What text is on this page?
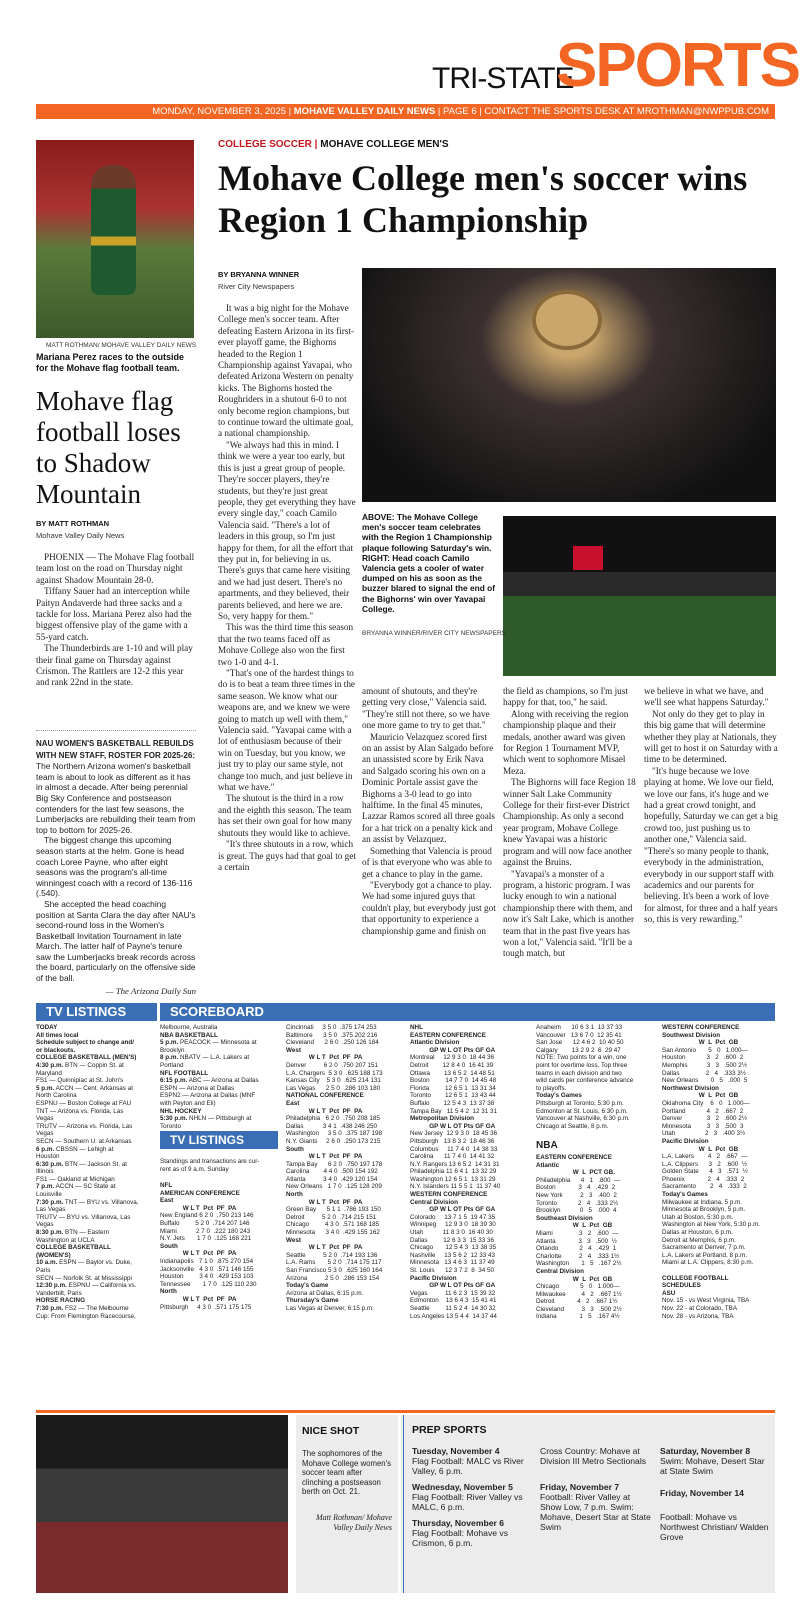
TRI-STATE
SPORTS
MONDAY, NOVEMBER 3, 2025 | MOHAVE VALLEY DAILY NEWS | PAGE 6 | CONTACT THE SPORTS DESK AT MROTHMAN@NWPPUB.COM
MATT ROTHMAN/ MOHAVE VALLEY DAILY NEWS
Mariana Perez races to the outside for the Mohave flag football team.
Mohave flag football loses to Shadow Mountain
BY MATT ROTHMAN
Mohave Valley Daily News

PHOENIX — The Mohave Flag football team lost on the road on Thursday night against Shadow Mountain 28-0.

Tiffany Sauer had an interception while Paityn Andaverde had three sacks and a tackle for loss. Mariana Perez also had the biggest offensive play of the game with a 55-yard catch.

The Thunderbirds are 1-10 and will play their final game on Thursday against Crismon. The Rattlers are 12-2 this year and rank 22nd in the state.

NAU WOMEN'S BASKETBALL REBUILDS WITH NEW STAFF, ROSTER FOR 2025-26: The Northern Arizona women's basketball team is about to look as different as it has in almost a decade. After being perennial Big Sky Conference and postseason contenders for the last few seasons, the Lumberjacks are rebuilding their team from top to bottom for 2025-26.

The biggest change this upcoming season starts at the helm. Gone is head coach Loree Payne, who after eight seasons was the program's all-time winningest coach with a record of 136-116 (.540).

She accepted the head coaching position at Santa Clara the day after NAU's second-round loss in the Women's Basketball Invitation Tournament in late March. The latter half of Payne's tenure saw the Lumberjacks break records across the board, particularly on the offensive side of the ball.

— The Arizona Daily Sun

COLLEGE SOCCER | MOHAVE COLLEGE MEN'S
Mohave College men's soccer wins Region 1 Championship
BY BRYANNA WINNER
River City Newspapers
ABOVE: The Mohave College men's soccer team celebrates with the Region 1 Championship plaque following Saturday's win. RIGHT: Head coach Camilo Valencia gets a cooler of water dumped on his as soon as the buzzer blared to signal the end of the Bighorns' win over Yavapai College.
BRYANNA WINNER/RIVER CITY NEWSPAPERS

It was a big night for the Mohave College men's soccer team. After defeating Eastern Arizona in its first-ever playoff game, the Bighorns headed to the Region 1 Championship against Yavapai, who defeated Arizona Western on penalty kicks. The Bighorns hosted the Roughriders in a shutout 6-0 to not only become region champions, but to continue toward the ultimate goal, a national championship.

"We always had this in mind. I think we were a year too early, but this is just a great group of people. They're soccer players, they're students, but they're just great people, they get everything they have every single day," coach Camilo Valencia said. "There's a lot of leaders in this group, so I'm just happy for them, for all the effort that they put in, for believing in us. There's guys that came here visiting and we had just desert. There's no apartments, and they believed, their parents believed, and here we are. So, very happy for them."

This was the third time this season that the two teams faced off as Mohave College also won the first two 1-0 and 4-1.

"That's one of the hardest things to do is to beat a team three times in the same season. We know what our weapons are, and we knew we were going to match up well with them," Valencia said. "Yavapai came with a lot of enthusiasm because of their win on Tuesday, but you know, we just try to play our same style, not change too much, and just believe in what we have."

The shutout is the third in a row and the eighth this season. The team has set their own goal for how many shutouts they would like to achieve.

"It's three shutouts in a row, which is great. The guys had that goal to get a certain

amount of shutouts, and they're getting very close," Valencia said. "They're still not there, so we have one more game to try to get that."

Mauricio Velazquez scored first on an assist by Alan Salgado before an unassisted score by Erik Nava and Salgado scoring his own on a Dominic Portale assist gave the Bighorns a 3-0 lead to go into halftime. In the final 45 minutes, Lazzar Ramos scored all three goals for a hat trick on a penalty kick and an assist by Velazquez.

Something that Valencia is proud of is that everyone who was able to get a chance to play in the game.

"Everybody got a chance to play. We had some injured guys that couldn't play, but everybody just got that opportunity to experience a championship game and finish on

the field as champions, so I'm just happy for that, too," he said.

Along with receiving the region championship plaque and their medals, another award was given for Region 1 Tournament MVP, which went to sophomore Misael Meza.

The Bighorns will face Region 18 winner Salt Lake Community College for their first-ever District Championship. As only a second year program, Mohave College knew Yavapai was a historic program and will now face another against the Bruins.

"Yavapai's a monster of a program, a historic program. I was lucky enough to win a national championship there with them, and now it's Salt Lake, which is another team that in the past five years has won a lot," Valencia said. "It'll be a tough match, but

we believe in what we have, and we'll see what happens Saturday."

Not only do they get to play in this big game that will determine whether they play at Nationals, they will get to host it on Saturday with a time to be determined.

"It's huge because we love playing at home. We love our field, we love our fans, it's huge and we had a great crowd tonight, and hopefully, Saturday we can get a big crowd too, just pushing us to another one," Valencia said. "There's so many people to thank, everybody in the administration, everybody in our support staff with academics and our parents for believing. It's been a work of love for almost, for three and a half years so, this is very rewarding."

TV LISTINGS	SCOREBOARD
TODAY
All times local
Schedule subject to change and/
or blackouts.
COLLEGE BASKETBALL (MEN'S)
4:30 p.m. BTN — Coppin St. at
Maryland
FS1 — Quinnipiac at St. John's
5 p.m. ACCN — Cent. Arkansas at
North Carolina
ESPNU — Boston College at FAU
TNT — Arizona vs. Florida, Las
Vegas
TRUTV — Arizona vs. Florida, Las
Vegas
SECN — Southern U. at Arkansas
6 p.m. CBSSN — Lehigh at
Houston
6:30 p.m. BTN — Jackson St. at
Illinois
FS1 — Oakland at Michigan
7 p.m. ACCN — SC State at
Louisville
7:30 p.m. TNT — BYU vs. Villanova,
Las Vegas
TRUTV — BYU vs. Villanova, Las
Vegas
8:30 p.m. BTN — Eastern
Washington at UCLA
COLLEGE BASKETBALL
(WOMEN'S)
10 a.m. ESPN — Baylor vs. Duke,
Paris
SECN — Norfolk St. at Mississippi
12:30 p.m. ESPNU — California vs.
Vanderbilt, Paris
HORSE RACING
7:30 p.m. FS2 — The Melbourne
Cup: From Flemington Racecourse,
Melbourne, Australia
NBA BASKETBALL
5 p.m. PEACOCK — Minnesota at
Brooklyn
8 p.m. NBATV — L.A. Lakers at
Portland
NFL FOOTBALL
6:15 p.m. ABC — Arizona at Dallas
ESPN — Arizona at Dallas
ESPN2 — Arizona at Dallas (MNF
with Peyton and Eli)
NHL HOCKEY
5:30 p.m. NHLN — Pittsburgh at
Toronto
TV LISTINGS
Standings and transactions are cur-
rent as of 9 a.m. Sunday
NFL
AMERICAN CONFERENCE
East
W L T  Pct  PF  PA
New England 6 2 0  .750 213 146
Buffalo         5 2 0  .714 207 146
Miami           2 7 0  .222 180 243
N.Y. Jets       1 7 0  .125 168 221
South
W L T  Pct  PF  PA
Indianapolis   7 1 0  .875 270 154
Jacksonville   4 3 0  .571 146 155
Houston         3 4 0  .429 153 103
Tennessee       1 7 0  .125 110 230
North
W L T  Pct  PF  PA
Pittsburgh     4 3 0  .571 175 175
Cincinnati     3 5 0  .375 174 253
Baltimore      3 5 0  .375 202 216
Cleveland      2 6 0  .250 126 184
West
W L T  Pct  PF  PA
Denver          6 2 0  .750 207 151
L.A. Chargers  5 3 0  .625 188 173
Kansas City    5 3 0  .625 214 131
Las Vegas      2 5 0  .286 103 180
NATIONAL CONFERENCE
East
W L T  Pct  PF  PA
Philadelphia   6 2 0  .750 208 185
Dallas           3 4 1  .438 246 250
Washington     3 5 0  .375 187 198
N.Y. Giants     2 6 0  .250 173 215
South
W L T  Pct  PF  PA
Tampa Bay      6 2 0  .750 197 178
Carolina        4 4 0  .500 154 192
Atlanta          3 4 0  .429 120 154
New Orleans   1 7 0  .125 128 209
North
W L T  Pct  PF  PA
Green Bay      5 1 1  .786 193 150
Detroit          5 2 0  .714 215 151
Chicago         4 3 0  .571 168 185
Minnesota      3 4 0  .429 155 162
West
W L T  Pct  PF  PA
Seattle          5 2 0  .714 193 136
L.A. Rams       5 2 0  .714 175 117
San Francisco 5 3 0  .625 160 164
Arizona          2 5 0  .286 153 154
Today's Game
Arizona at Dallas, 6:15 p.m.
Thursday's Game
Las Vegas at Denver, 6:15 p.m.
NHL
EASTERN CONFERENCE
Atlantic Division
GP W L OT Pts GF GA
Montreal     12 9 3 0  18 44 36
Detroit        12 8 4 0  16 41 39
Ottawa        13 6 5 2  14 48 51
Boston         14 7 7 0  14 45 48
Florida         12 6 5 1  13 31 34
Toronto        12 6 5 1  13 43 44
Buffalo        12 5 4 3  13 37 38
Tampa Bay   11 5 4 2  12 31 31
Metropolitan Division
GP W L OT Pts GF GA
New Jersey  12 9 3 0  18 45 36
Pittsburgh   13 8 3 2  18 46 36
Columbus     11 7 4 0  14 38 33
Carolina      11 7 4 0  14 41 32
N.Y. Rangers 13 6 5 2  14 31 31
Philadelphia 11 6 4 1  13 32 29
Washington 12 6 5 1  13 31 29
N.Y. Islanders 11 5 5 1  11 37 40
WESTERN CONFERENCE
Central Division
GP W L OT Pts GF GA
Colorado     13 7 1 5  19 47 35
Winnipeg     12 9 3 0  18 39 30
Utah           11 8 3 0  16 40 30
Dallas         12 6 3 3  15 33 36
Chicago       12 5 4 3  13 38 35
Nashville     13 5 6 2  12 33 43
Minnesota   13 4 6 3  11 37 49
St. Louis      12 3 7 2  8  34 50
Pacific Division
GP W L OT Pts GF GA
Vegas          11 6 2 3  15 39 32
Edmonton    13 6 4 3  15 41 41
Seattle         11 5 2 4  14 30 32
Los Angeles 13 5 4 4  14 37 44
Anaheim      10 6 3 1  13 37 33
Vancouver   13 6 7 0  12 35 41
San Jose      12 4 6 2  10 40 50
Calgary        13 2 9 2  6  29 47
NOTE: Two points for a win, one
point for overtime loss. Top three
teams in each division and two
wild cards per conference advance
to playoffs.
Today's Games
Pittsburgh at Toronto, 5:30 p.m.
Edmonton at St. Louis, 6:30 p.m.
Vancouver at Nashville, 6:30 p.m.
Chicago at Seattle, 8 p.m.
NBA
EASTERN CONFERENCE
Atlantic
W  L  PCT GB.
Philadelphia      4   1   .800  —
Boston             3   4   .429  2
New York          2   3   .400  2
Toronto            2   4   .333 2½
Brooklyn           0   5   .000  4
Southeast Division
W  L  Pct  GB
Miami               3   2   .600  —
Atlanta             3   3   .500  ½
Orlando            2   4   .429  1
Charlotte          2   4   .333 1½
Washington       1   5   .167 2½
Central Division
W  L  Pct  GB
Chicago            5   0   1.000—
Milwaukee         4   2   .667 1½
Detroit             4   2   .667 1½
Cleveland          3   3   .500 2½
Indiana             1   5   .167 4½
WESTERN CONFERENCE
Southwest Division
W  L  Pct  GB
San Antonio       5   0   1.000—
Houston            3   2   .600  2
Memphis           3   3   .500 2½
Dallas               2   4   .333 3½
New Orleans       0   5   .000  5
Northwest Division
W  L  Pct  GB
Oklahoma City    6   0   1.000—
Portland            4   2   .667  2
Denver              3   2   .600 2½
Minnesota         3   3   .500  3
Utah                 2   3   .400 3½
Pacific Division
W  L  Pct  GB
L.A. Lakers        4   2   .667  —
L.A. Clippers      3   2   .600  ½
Golden State      4   3   .571  ½
Phoenix             2   4   .333  2
Sacramento        2   4   .333  2
Today's Games
Milwaukee at Indiana, 5 p.m.
Minnesota at Brooklyn, 5 p.m.
Utah at Boston, 5:30 p.m.
Washington at New York, 5:30 p.m.
Dallas at Houston, 6 p.m.
Detroit at Memphis, 6 p.m.
Sacramento at Denver, 7 p.m.
L.A. Lakers at Portland, 8 p.m.
Miami at L.A. Clippers, 8:30 p.m.

COLLEGE FOOTBALL
SCHEDULES
ASU
Nov. 15 - vs West Virginia, TBA
Nov. 22 - at Colorado, TBA
Nov. 28 - vs Arizona, TBA
NICE SHOT
The sophomores of the Mohave College women's soccer team after clinching a postseason berth on Oct. 21.
Matt Rothman/ Mohave Valley Daily News
PREP SPORTS
Tuesday, November 4
Flag Football: MALC vs River Valley, 6 p.m.
Wednesday, November 5
Flag Football: River Valley vs MALC, 6 p.m.
Thursday, November 6
Flag Football: Mohave vs Crismon, 6 p.m.
Cross Country: Mohave at Division III Metro Sectionals
Friday, November 7
Football: River Valley at Show Low, 7 p.m. Swim: Mohave, Desert Star at State Swim
Saturday, November 8
Swim: Mohave, Desert Star at State Swim
Friday, November 14
Football: Mohave vs Northwest Christian/ Walden Grove
